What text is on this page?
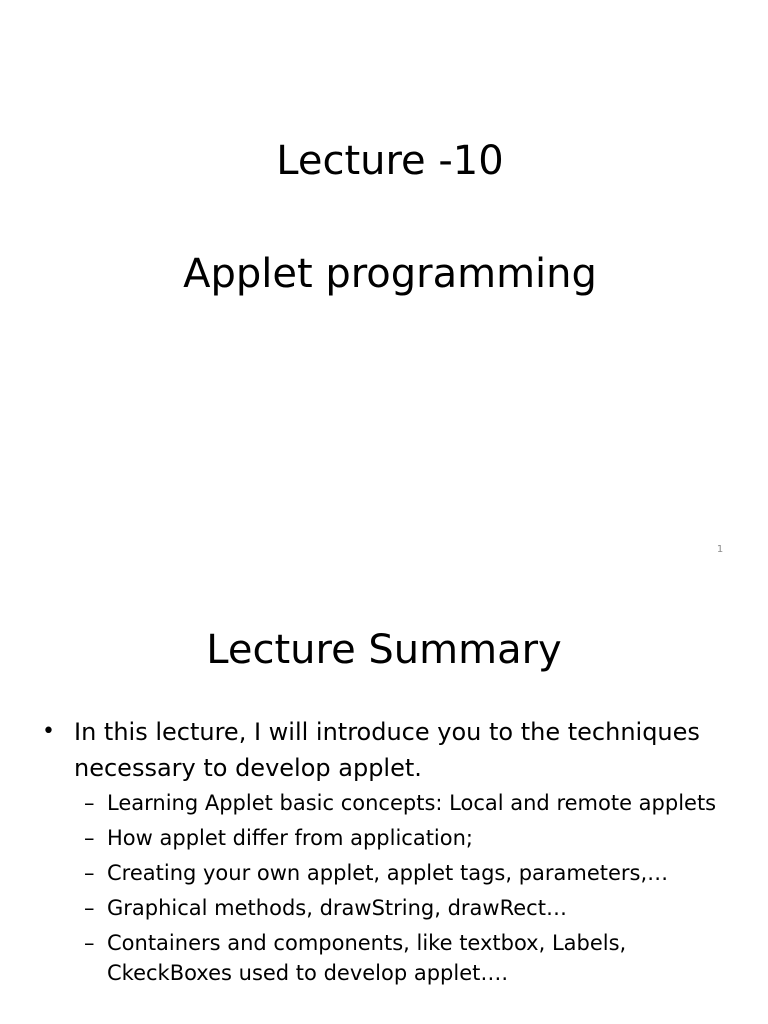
Lecture -10
Applet programming
1
Lecture Summary
• In this lecture, I will introduce you to the techniques necessary to develop applet.
– Learning Applet basic concepts: Local and remote applets
– How applet differ from application;
– Creating your own applet, applet tags, parameters,…
– Graphical methods, drawString, drawRect…
– Containers and components, like textbox, Labels, CkeckBoxes used to develop applet….
